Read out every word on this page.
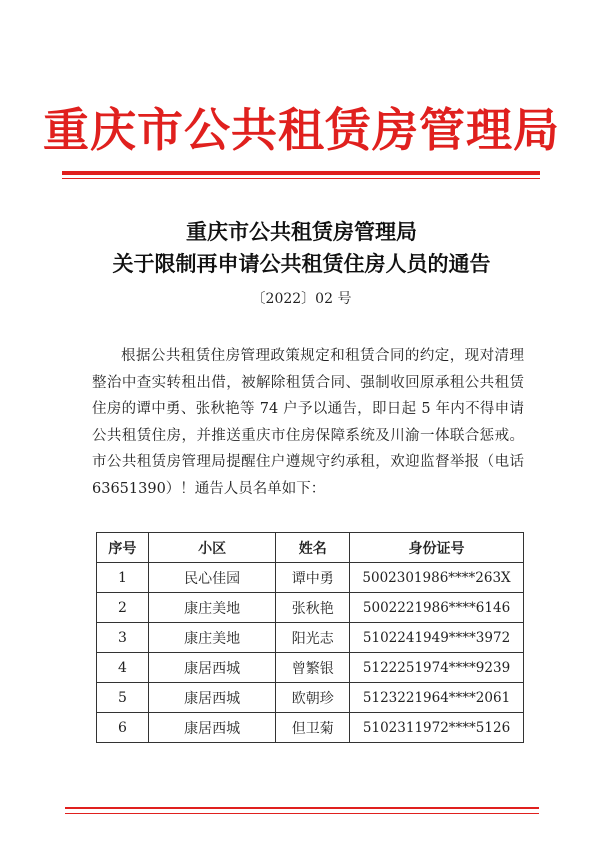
重庆市公共租赁房管理局
重庆市公共租赁房管理局
关于限制再申请公共租赁住房人员的通告
〔2022〕02 号
根据公共租赁住房管理政策规定和租赁合同的约定，现对清理整治中查实转租出借，被解除租赁合同、强制收回原承租公共租赁住房的谭中勇、张秋艳等 74 户予以通告，即日起 5 年内不得申请公共租赁住房，并推送重庆市住房保障系统及川渝一体联合惩戒。市公共租赁房管理局提醒住户遵规守约承租，欢迎监督举报（电话 63651390）！通告人员名单如下：
序号	小区	姓名	身份证号
1	民心佳园	谭中勇	5002301986****263X
2	康庄美地	张秋艳	5002221986****6146
3	康庄美地	阳光志	5102241949****3972
4	康居西城	曾繁银	5122251974****9239
5	康居西城	欧朝珍	5123221964****2061
6	康居西城	但卫菊	5102311972****5126
